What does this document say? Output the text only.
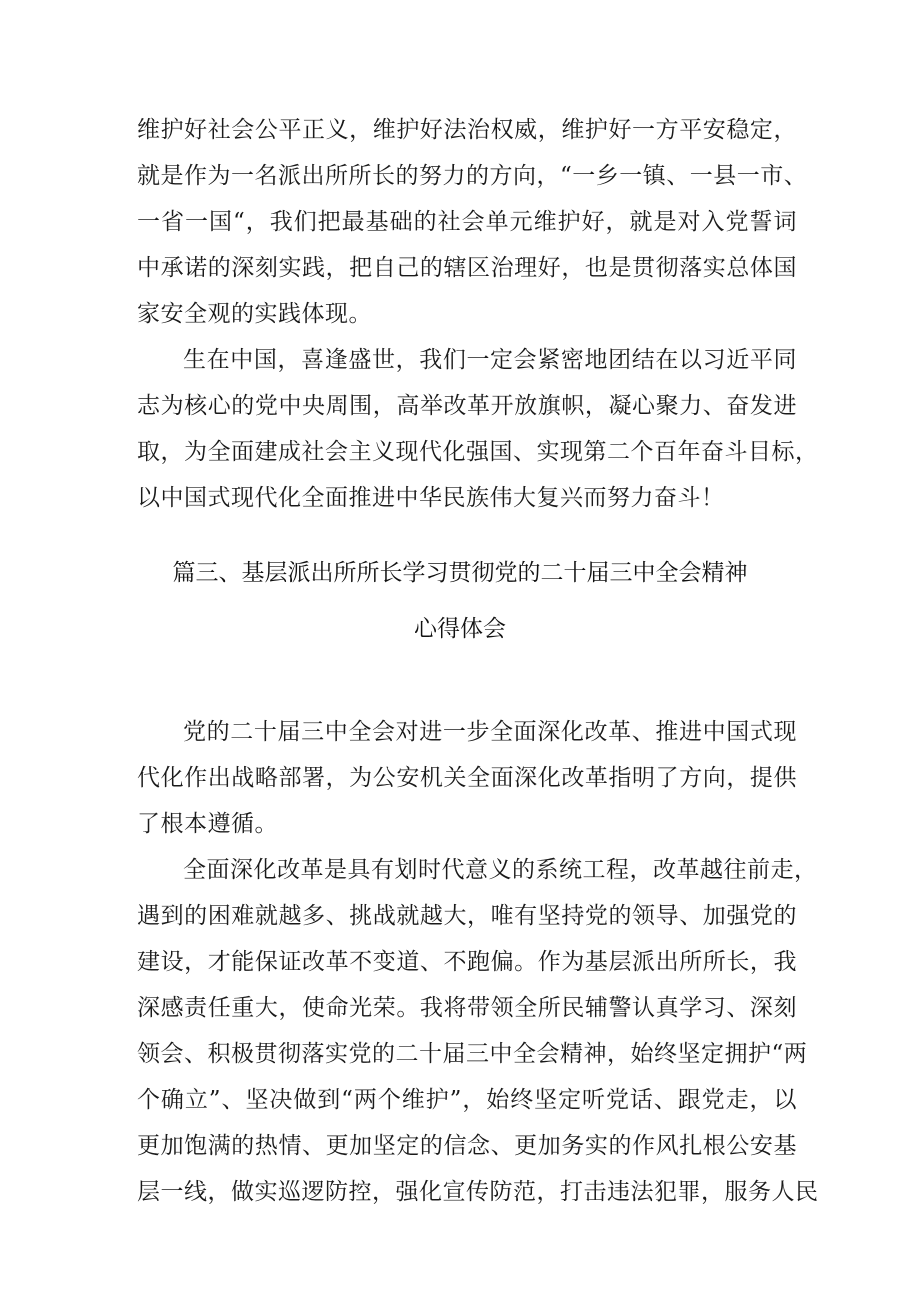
维护好社会公平正义，维护好法治权威，维护好一方平安稳定，
就是作为一名派出所所长的努力的方向，“一乡一镇、一县一市、
一省一国“，我们把最基础的社会单元维护好，就是对入党誓词
中承诺的深刻实践，把自己的辖区治理好，也是贯彻落实总体国
家安全观的实践体现。
生在中国，喜逢盛世，我们一定会紧密地团结在以习近平同
志为核心的党中央周围，高举改革开放旗帜，凝心聚力、奋发进
取，为全面建成社会主义现代化强国、实现第二个百年奋斗目标，
以中国式现代化全面推进中华民族伟大复兴而努力奋斗！
篇三、基层派出所所长学习贯彻党的二十届三中全会精神
心得体会
党的二十届三中全会对进一步全面深化改革、推进中国式现
代化作出战略部署，为公安机关全面深化改革指明了方向，提供
了根本遵循。
全面深化改革是具有划时代意义的系统工程，改革越往前走，
遇到的困难就越多、挑战就越大，唯有坚持党的领导、加强党的
建设，才能保证改革不变道、不跑偏。作为基层派出所所长，我
深感责任重大，使命光荣。我将带领全所民辅警认真学习、深刻
领会、积极贯彻落实党的二十届三中全会精神，始终坚定拥护“两
个确立”、坚决做到“两个维护”，始终坚定听党话、跟党走，以
更加饱满的热情、更加坚定的信念、更加务实的作风扎根公安基
层一线，做实巡逻防控，强化宣传防范，打击违法犯罪，服务人民
